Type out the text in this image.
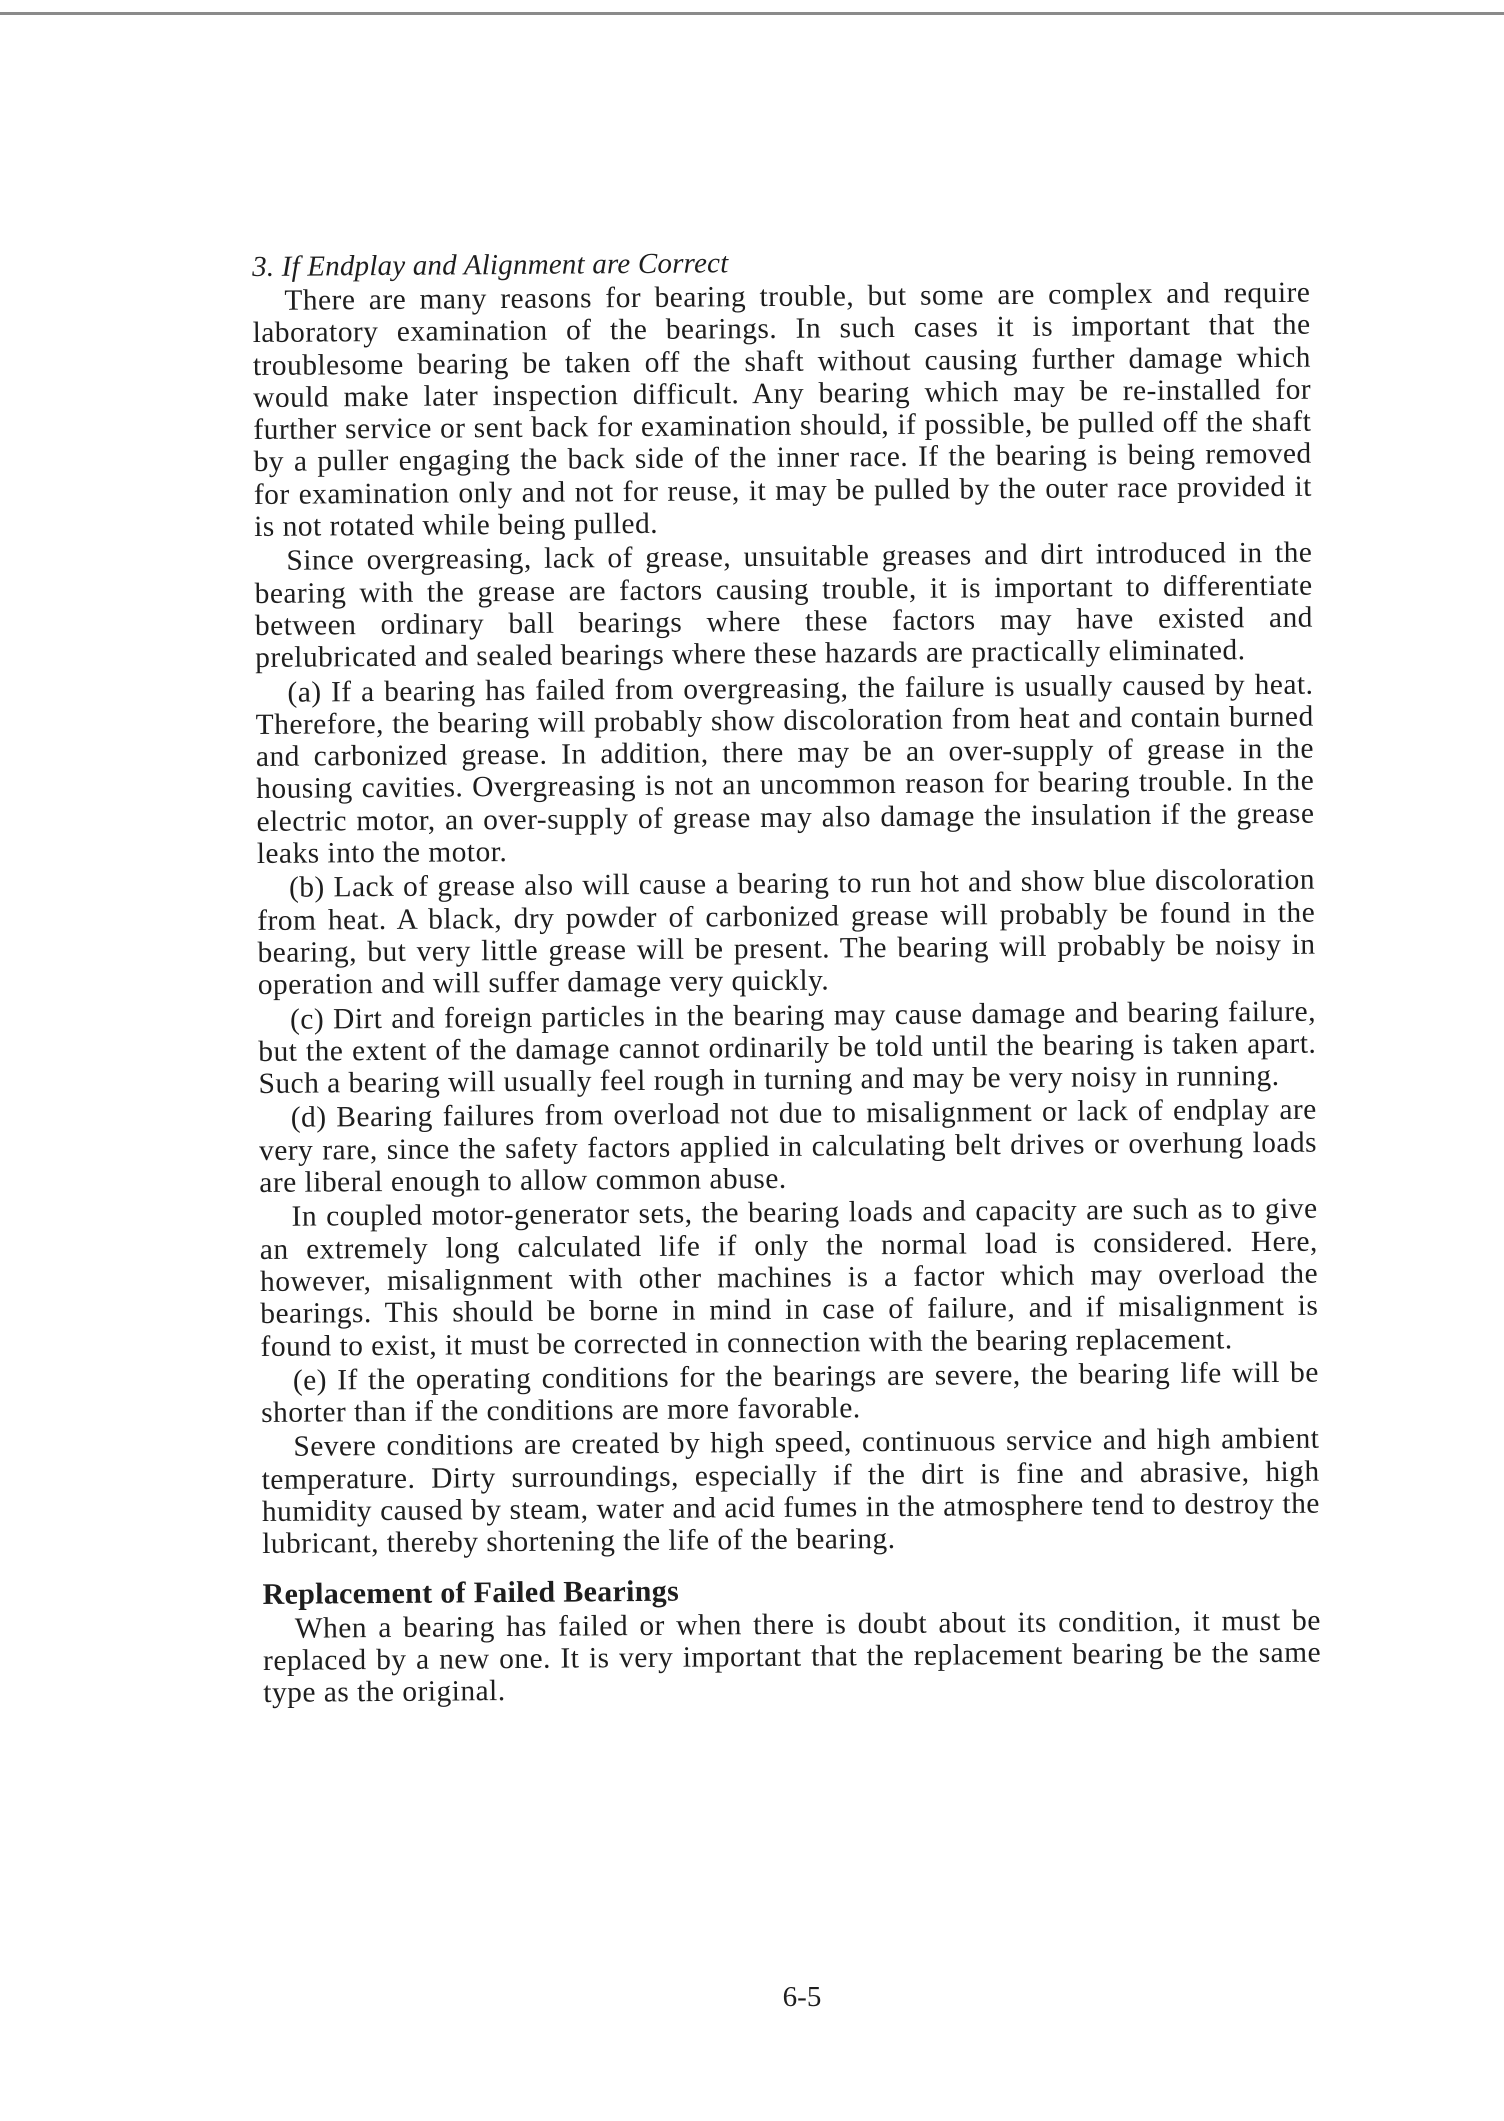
3. If Endplay and Alignment are Correct

There are many reasons for bearing trouble, but some are complex and require laboratory examination of the bearings. In such cases it is important that the troublesome bearing be taken off the shaft without causing further damage which would make later inspection difficult. Any bearing which may be re-installed for further service or sent back for examination should, if possible, be pulled off the shaft by a puller engaging the back side of the inner race. If the bearing is being removed for examination only and not for reuse, it may be pulled by the outer race provided it is not rotated while being pulled.

Since overgreasing, lack of grease, unsuitable greases and dirt introduced in the bearing with the grease are factors causing trouble, it is important to differentiate between ordinary ball bearings where these factors may have existed and prelubricated and sealed bearings where these hazards are practically eliminated.

(a) If a bearing has failed from overgreasing, the failure is usually caused by heat. Therefore, the bearing will probably show discoloration from heat and contain burned and carbonized grease. In addition, there may be an over-supply of grease in the housing cavities. Overgreasing is not an uncommon reason for bearing trouble. In the electric motor, an over-supply of grease may also damage the insulation if the grease leaks into the motor.

(b) Lack of grease also will cause a bearing to run hot and show blue discoloration from heat. A black, dry powder of carbonized grease will probably be found in the bearing, but very little grease will be present. The bearing will probably be noisy in operation and will suffer damage very quickly.

(c) Dirt and foreign particles in the bearing may cause damage and bearing failure, but the extent of the damage cannot ordinarily be told until the bearing is taken apart. Such a bearing will usually feel rough in turning and may be very noisy in running.

(d) Bearing failures from overload not due to misalignment or lack of endplay are very rare, since the safety factors applied in calculating belt drives or overhung loads are liberal enough to allow common abuse.

In coupled motor-generator sets, the bearing loads and capacity are such as to give an extremely long calculated life if only the normal load is considered. Here, however, misalignment with other machines is a factor which may overload the bearings. This should be borne in mind in case of failure, and if misalignment is found to exist, it must be corrected in connection with the bearing replacement.

(e) If the operating conditions for the bearings are severe, the bearing life will be shorter than if the conditions are more favorable.

Severe conditions are created by high speed, continuous service and high ambient temperature. Dirty surroundings, especially if the dirt is fine and abrasive, high humidity caused by steam, water and acid fumes in the atmosphere tend to destroy the lubricant, thereby shortening the life of the bearing.

Replacement of Failed Bearings

When a bearing has failed or when there is doubt about its condition, it must be replaced by a new one. It is very important that the replacement bearing be the same type as the original.

6-5
